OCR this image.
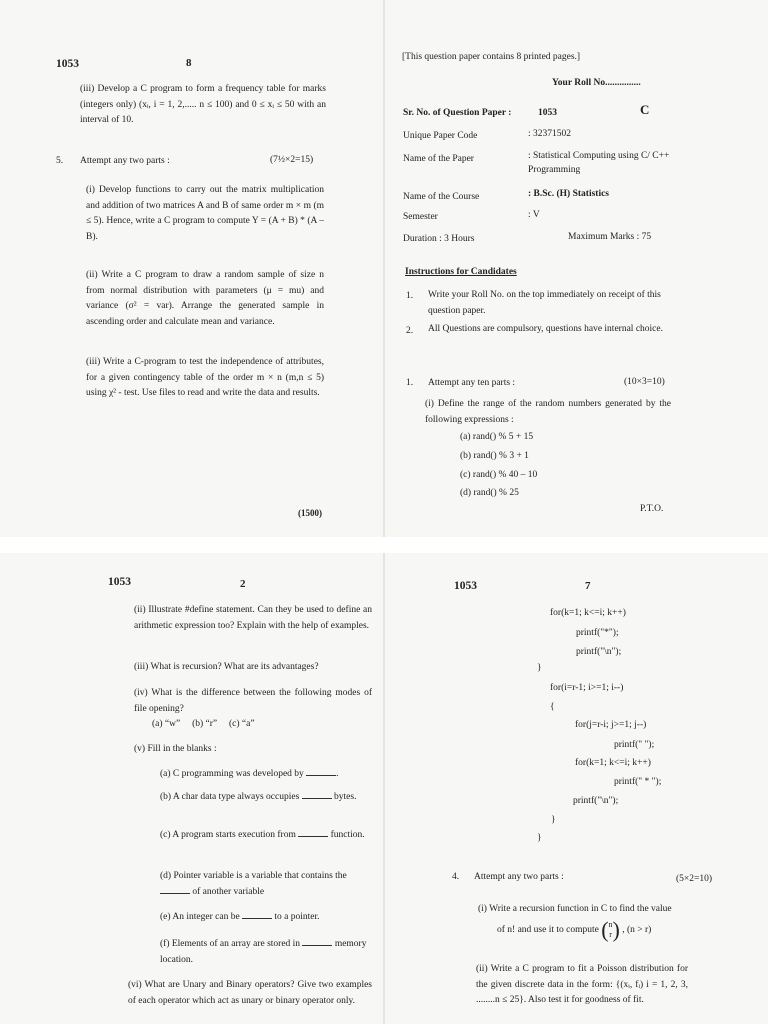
1053	8
(iii) Develop a C program to form a frequency table for marks (integers only) (xᵢ, i = 1, 2,..... n ≤ 100) and 0 ≤ xᵢ ≤ 50 with an interval of 10.
5. Attempt any two parts :	(7½×2=15)
(i) Develop functions to carry out the matrix multiplication and addition of two matrices A and B of same order m × m (m ≤ 5). Hence, write a C program to compute Y = (A + B) * (A – B).
(ii) Write a C program to draw a random sample of size n from normal distribution with parameters (μ = mu) and variance (σ² = var). Arrange the generated sample in ascending order and calculate mean and variance.
(iii) Write a C-program to test the independence of attributes, for a given contingency table of the order m × n (m,n ≤ 5) using χ² - test. Use files to read and write the data and results.
(1500)
[This question paper contains 8 printed pages.]
Your Roll No...............
Sr. No. of Question Paper :	1053	C
Unique Paper Code	: 32371502
Name of the Paper	: Statistical Computing using C/ C++ Programming
Name of the Course	: B.Sc. (H) Statistics
Semester	: V
Duration : 3 Hours	Maximum Marks : 75
Instructions for Candidates
1. Write your Roll No. on the top immediately on receipt of this question paper.
2. All Questions are compulsory, questions have internal choice.
1. Attempt any ten parts :	(10×3=10)
(i) Define the range of the random numbers generated by the following expressions :
(a) rand() % 5 + 15
(b) rand() % 3 + 1
(c) rand() % 40 – 10
(d) rand() % 25
P.T.O.
1053	2
(ii) Illustrate #define statement. Can they be used to define an arithmetic expression too? Explain with the help of examples.
(iii) What is recursion? What are its advantages?
(iv) What is the difference between the following modes of file opening?
(a) “w”     (b) “r”     (c) “a”
(v) Fill in the blanks :
(a) C programming was developed by	.
(b) A char data type always occupies	bytes.
(c) A program starts execution from	function.
(d) Pointer variable is a variable that contains the  of another variable
(e) An integer can be	to a pointer.
(f) Elements of an array are stored in	memory location.
(vi) What are Unary and Binary operators? Give two examples of each operator which act as unary or binary operator only.
1053	7
for(k=1; k<=i; k++)
printf("*");
printf("\n");
}
for(i=r-1; i>=1; i--)
{
for(j=r-i; j>=1; j--)
printf(" ");
for(k=1; k<=i; k++)
printf(" * ");
printf("\n");
}
}
4. Attempt any two parts :	(5×2=10)
(i) Write a recursion function in C to find the value
of n! and use it to compute (n
r) , (n > r)
(ii) Write a C program to fit a Poisson distribution for the given discrete data in the form: {(xᵢ, fᵢ) i = 1, 2, 3, ........n ≤ 25}. Also test it for goodness of fit.
